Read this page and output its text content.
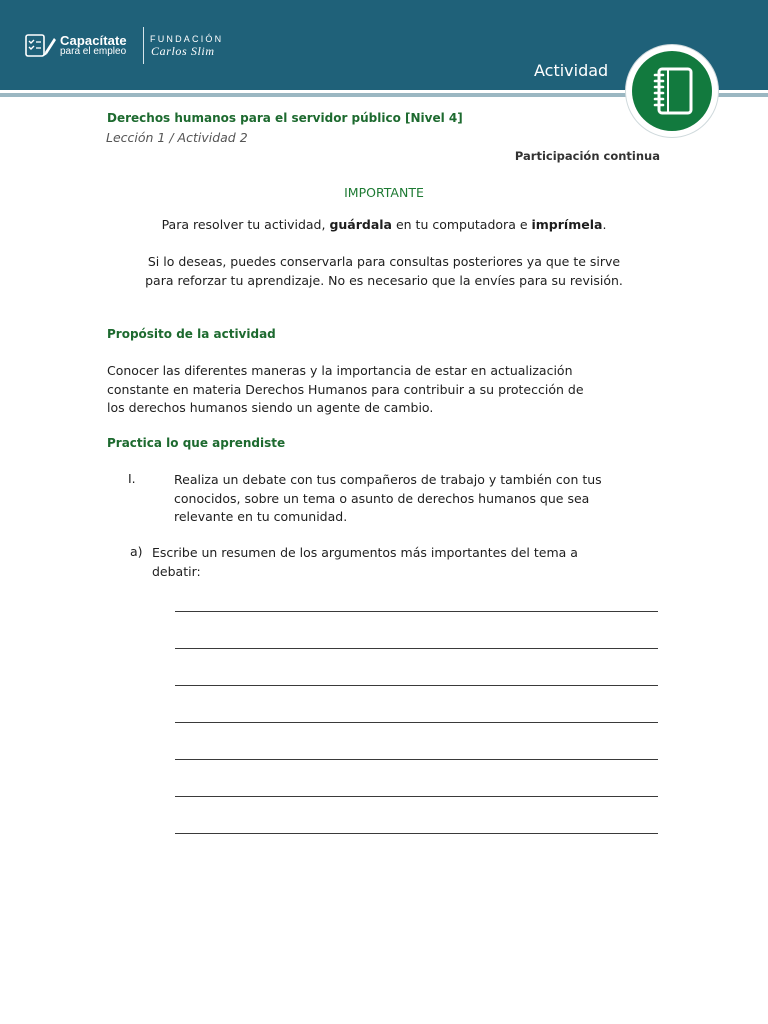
Capacítate
para el empleo
FUNDACIÓN
Carlos Slim
Actividad
Derechos humanos para el servidor público [Nivel 4]
Lección 1 / Actividad 2
Participación continua
IMPORTANTE
Para resolver tu actividad, guárdala en tu computadora e imprímela.
Si lo deseas, puedes conservarla para consultas posteriores ya que te sirve
para reforzar tu aprendizaje. No es necesario que la envíes para su revisión.
Propósito de la actividad
Conocer las diferentes maneras y la importancia de estar en actualización
constante en materia Derechos Humanos para contribuir a su protección de
los derechos humanos siendo un agente de cambio.
Practica lo que aprendiste
I.	Realiza un debate con tus compañeros de trabajo y también con tus
conocidos, sobre un tema o asunto de derechos humanos que sea
relevante en tu comunidad.
a) Escribe un resumen de los argumentos más importantes del tema a
debatir:
